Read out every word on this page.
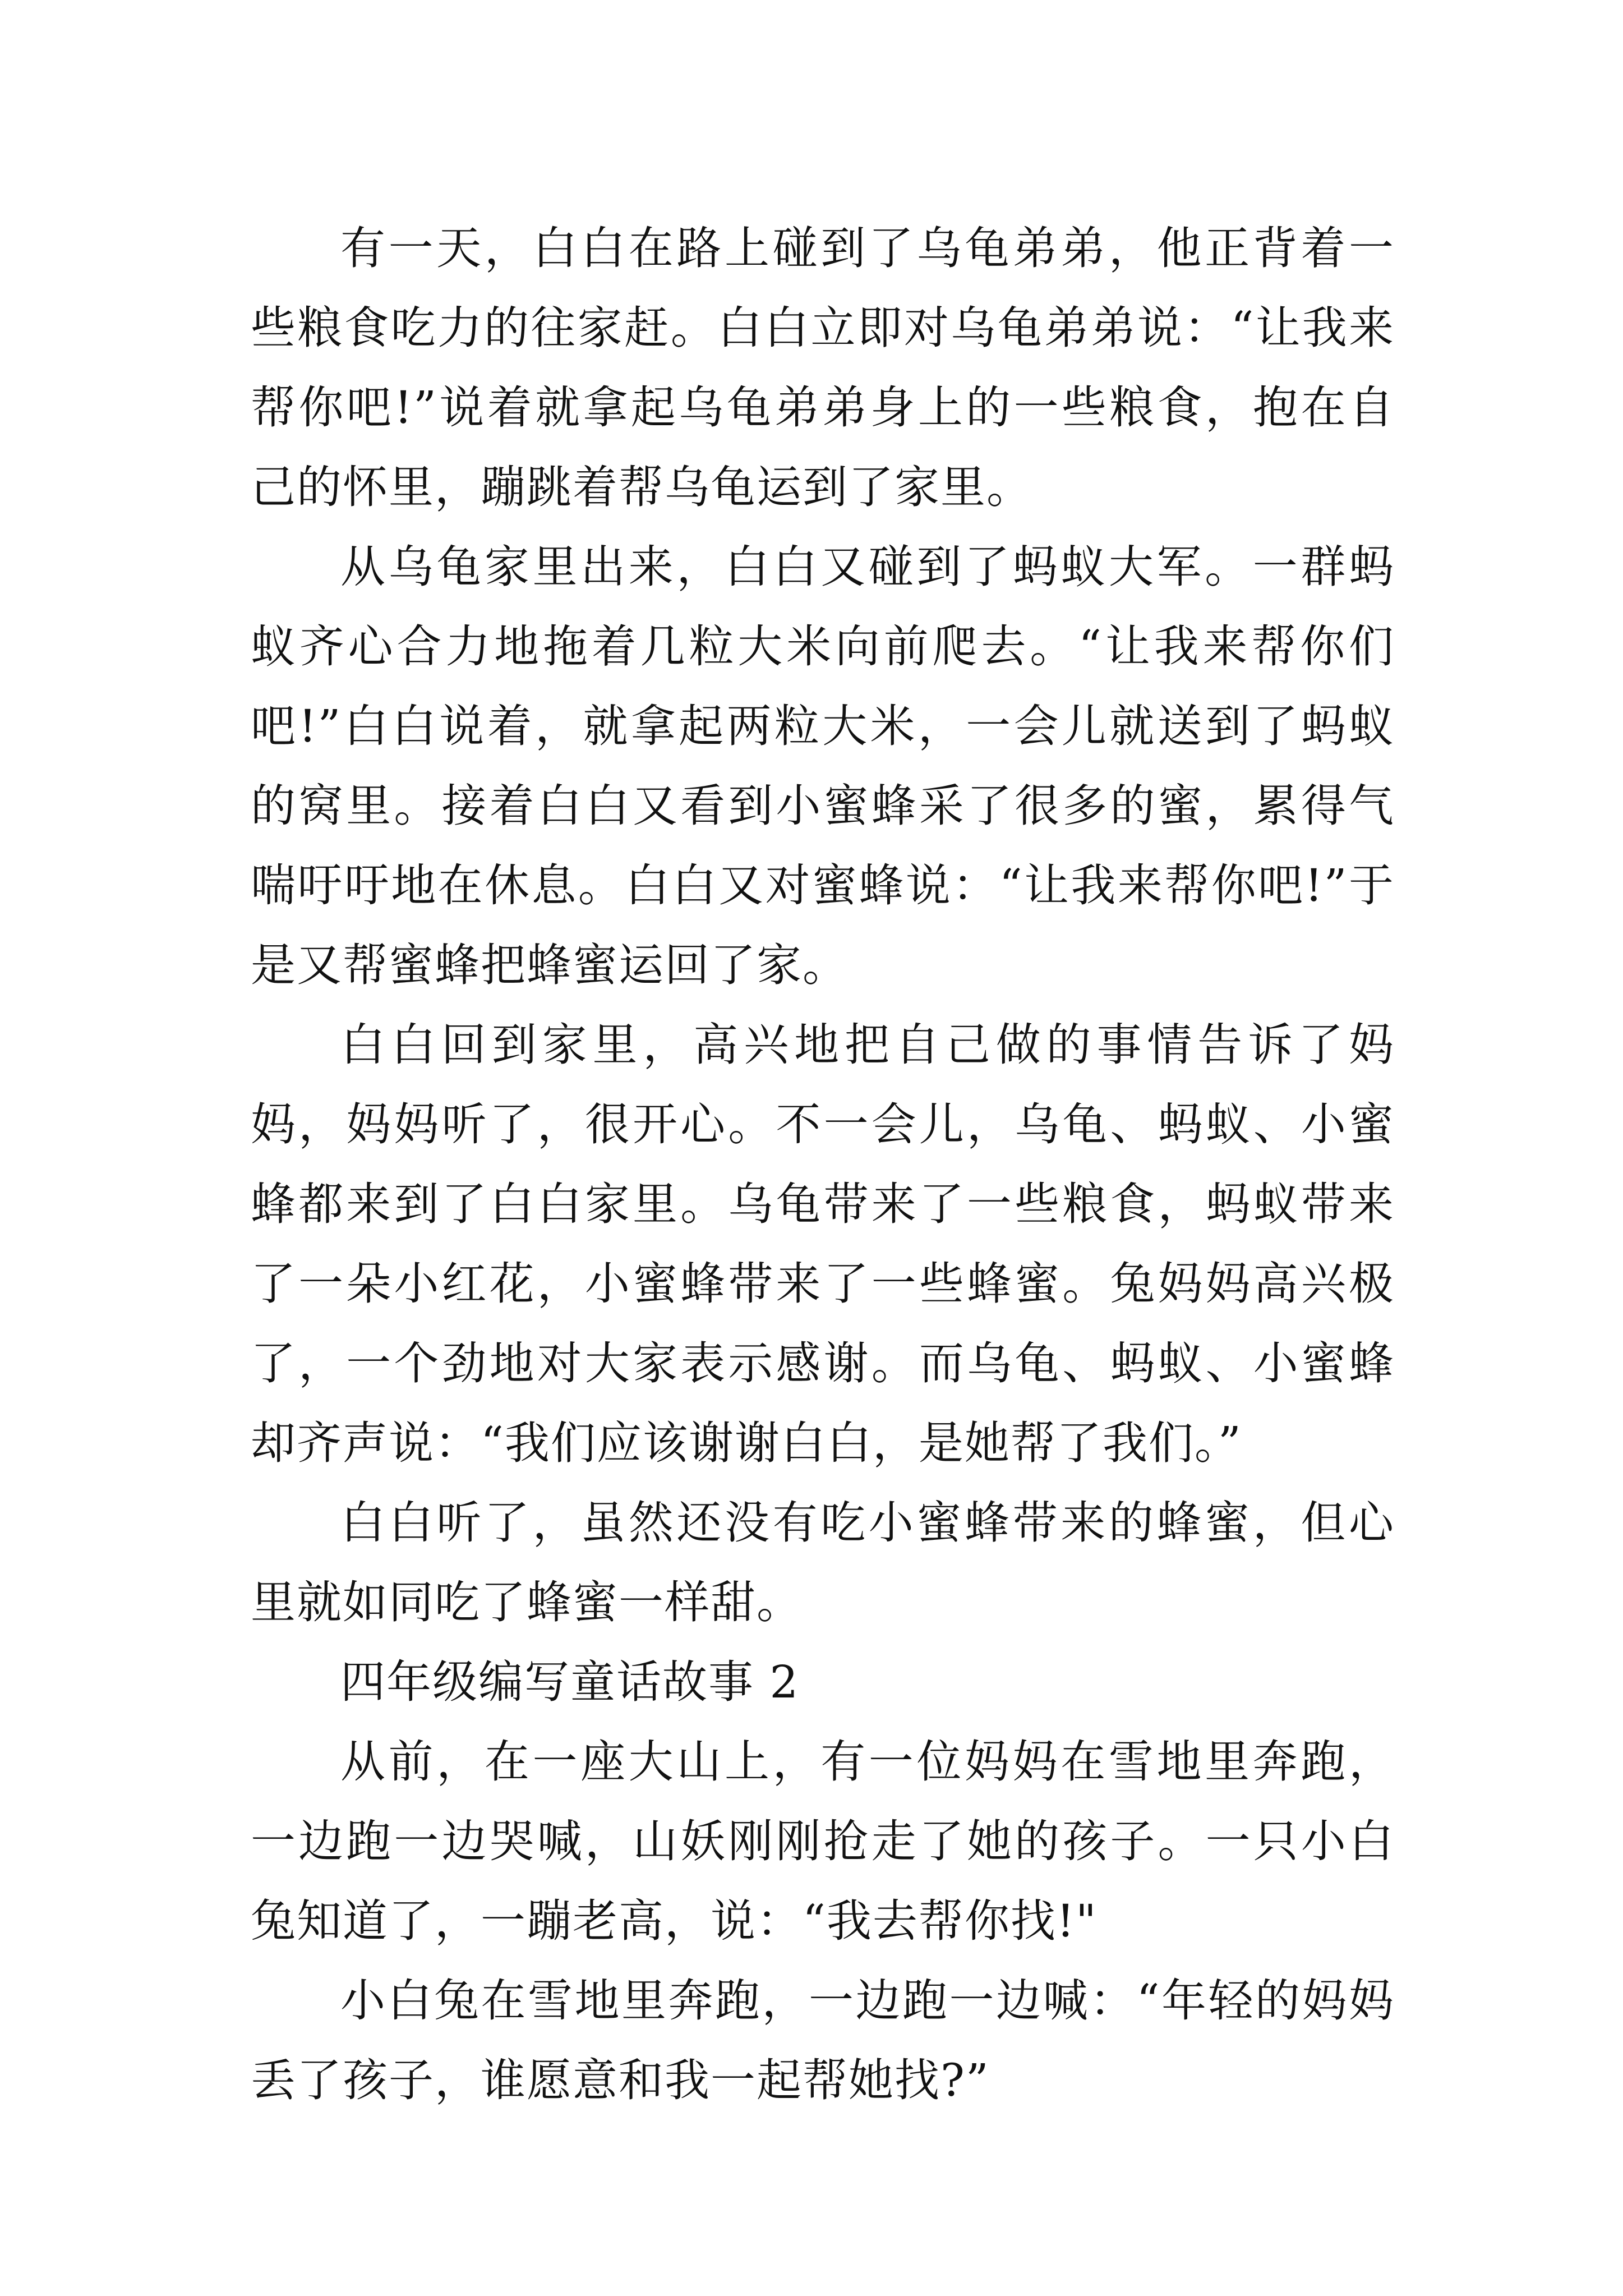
有一天，白白在路上碰到了乌龟弟弟，他正背着一些粮食吃力的往家赶。白白立即对乌龟弟弟说：“让我来帮你吧!”说着就拿起乌龟弟弟身上的一些粮食，抱在自己的怀里，蹦跳着帮乌龟运到了家里。

从乌龟家里出来，白白又碰到了蚂蚁大军。一群蚂蚁齐心合力地拖着几粒大米向前爬去。“让我来帮你们吧!”白白说着，就拿起两粒大米，一会儿就送到了蚂蚁的窝里。接着白白又看到小蜜蜂采了很多的蜜，累得气喘吁吁地在休息。白白又对蜜蜂说：“让我来帮你吧!”于是又帮蜜蜂把蜂蜜运回了家。

白白回到家里，高兴地把自己做的事情告诉了妈妈，妈妈听了，很开心。不一会儿，乌龟、蚂蚁、小蜜蜂都来到了白白家里。乌龟带来了一些粮食，蚂蚁带来了一朵小红花，小蜜蜂带来了一些蜂蜜。兔妈妈高兴极了，一个劲地对大家表示感谢。而乌龟、蚂蚁、小蜜蜂却齐声说：“我们应该谢谢白白，是她帮了我们。”

白白听了，虽然还没有吃小蜜蜂带来的蜂蜜，但心里就如同吃了蜂蜜一样甜。

四年级编写童话故事 2

从前，在一座大山上，有一位妈妈在雪地里奔跑，一边跑一边哭喊，山妖刚刚抢走了她的孩子。一只小白兔知道了，一蹦老高，说：“我去帮你找!"

小白兔在雪地里奔跑，一边跑一边喊：“年轻的妈妈丢了孩子，谁愿意和我一起帮她找?”
